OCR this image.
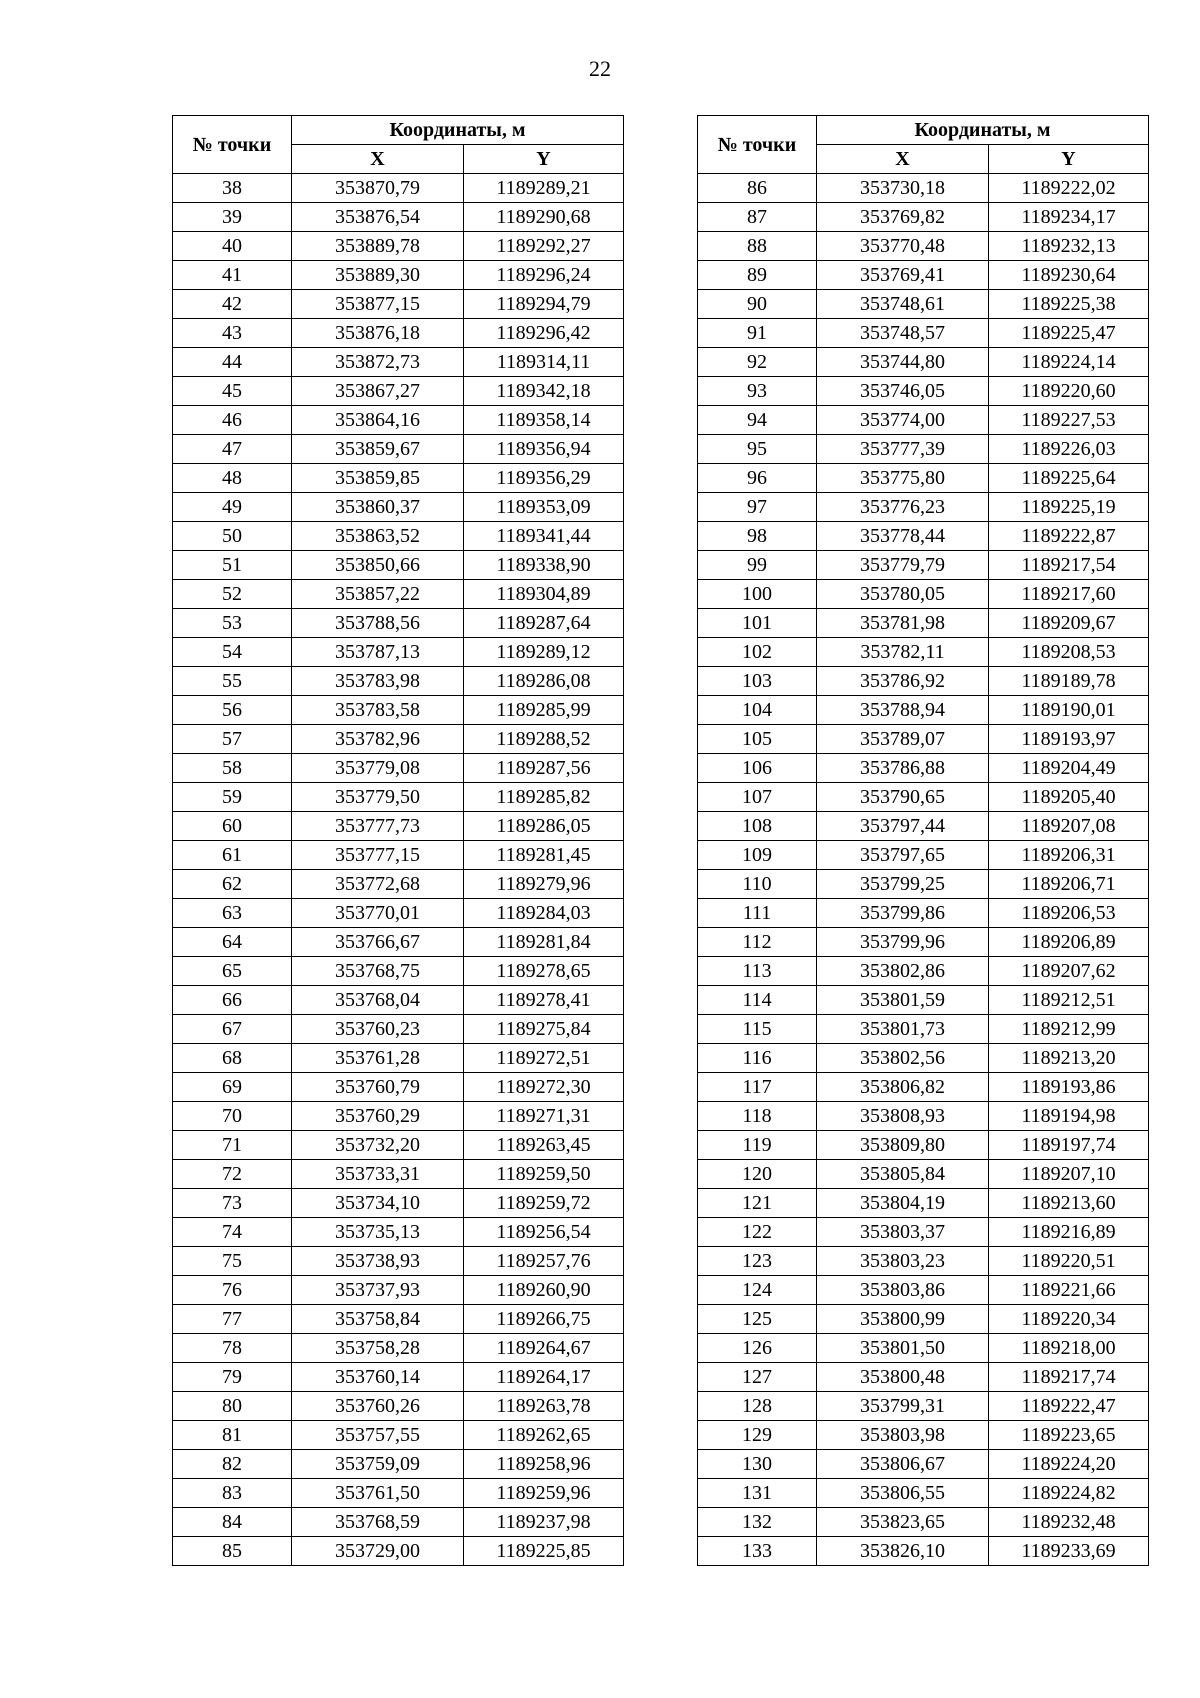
22
№ точки	Координаты, м	
	X	Y
38	353870,79	1189289,21
39	353876,54	1189290,68
40	353889,78	1189292,27
41	353889,30	1189296,24
42	353877,15	1189294,79
43	353876,18	1189296,42
44	353872,73	1189314,11
45	353867,27	1189342,18
46	353864,16	1189358,14
47	353859,67	1189356,94
48	353859,85	1189356,29
49	353860,37	1189353,09
50	353863,52	1189341,44
51	353850,66	1189338,90
52	353857,22	1189304,89
53	353788,56	1189287,64
54	353787,13	1189289,12
55	353783,98	1189286,08
56	353783,58	1189285,99
57	353782,96	1189288,52
58	353779,08	1189287,56
59	353779,50	1189285,82
60	353777,73	1189286,05
61	353777,15	1189281,45
62	353772,68	1189279,96
63	353770,01	1189284,03
64	353766,67	1189281,84
65	353768,75	1189278,65
66	353768,04	1189278,41
67	353760,23	1189275,84
68	353761,28	1189272,51
69	353760,79	1189272,30
70	353760,29	1189271,31
71	353732,20	1189263,45
72	353733,31	1189259,50
73	353734,10	1189259,72
74	353735,13	1189256,54
75	353738,93	1189257,76
76	353737,93	1189260,90
77	353758,84	1189266,75
78	353758,28	1189264,67
79	353760,14	1189264,17
80	353760,26	1189263,78
81	353757,55	1189262,65
82	353759,09	1189258,96
83	353761,50	1189259,96
84	353768,59	1189237,98
85	353729,00	1189225,85
№ точки	Координаты, м	
	X	Y
86	353730,18	1189222,02
87	353769,82	1189234,17
88	353770,48	1189232,13
89	353769,41	1189230,64
90	353748,61	1189225,38
91	353748,57	1189225,47
92	353744,80	1189224,14
93	353746,05	1189220,60
94	353774,00	1189227,53
95	353777,39	1189226,03
96	353775,80	1189225,64
97	353776,23	1189225,19
98	353778,44	1189222,87
99	353779,79	1189217,54
100	353780,05	1189217,60
101	353781,98	1189209,67
102	353782,11	1189208,53
103	353786,92	1189189,78
104	353788,94	1189190,01
105	353789,07	1189193,97
106	353786,88	1189204,49
107	353790,65	1189205,40
108	353797,44	1189207,08
109	353797,65	1189206,31
110	353799,25	1189206,71
111	353799,86	1189206,53
112	353799,96	1189206,89
113	353802,86	1189207,62
114	353801,59	1189212,51
115	353801,73	1189212,99
116	353802,56	1189213,20
117	353806,82	1189193,86
118	353808,93	1189194,98
119	353809,80	1189197,74
120	353805,84	1189207,10
121	353804,19	1189213,60
122	353803,37	1189216,89
123	353803,23	1189220,51
124	353803,86	1189221,66
125	353800,99	1189220,34
126	353801,50	1189218,00
127	353800,48	1189217,74
128	353799,31	1189222,47
129	353803,98	1189223,65
130	353806,67	1189224,20
131	353806,55	1189224,82
132	353823,65	1189232,48
133	353826,10	1189233,69
